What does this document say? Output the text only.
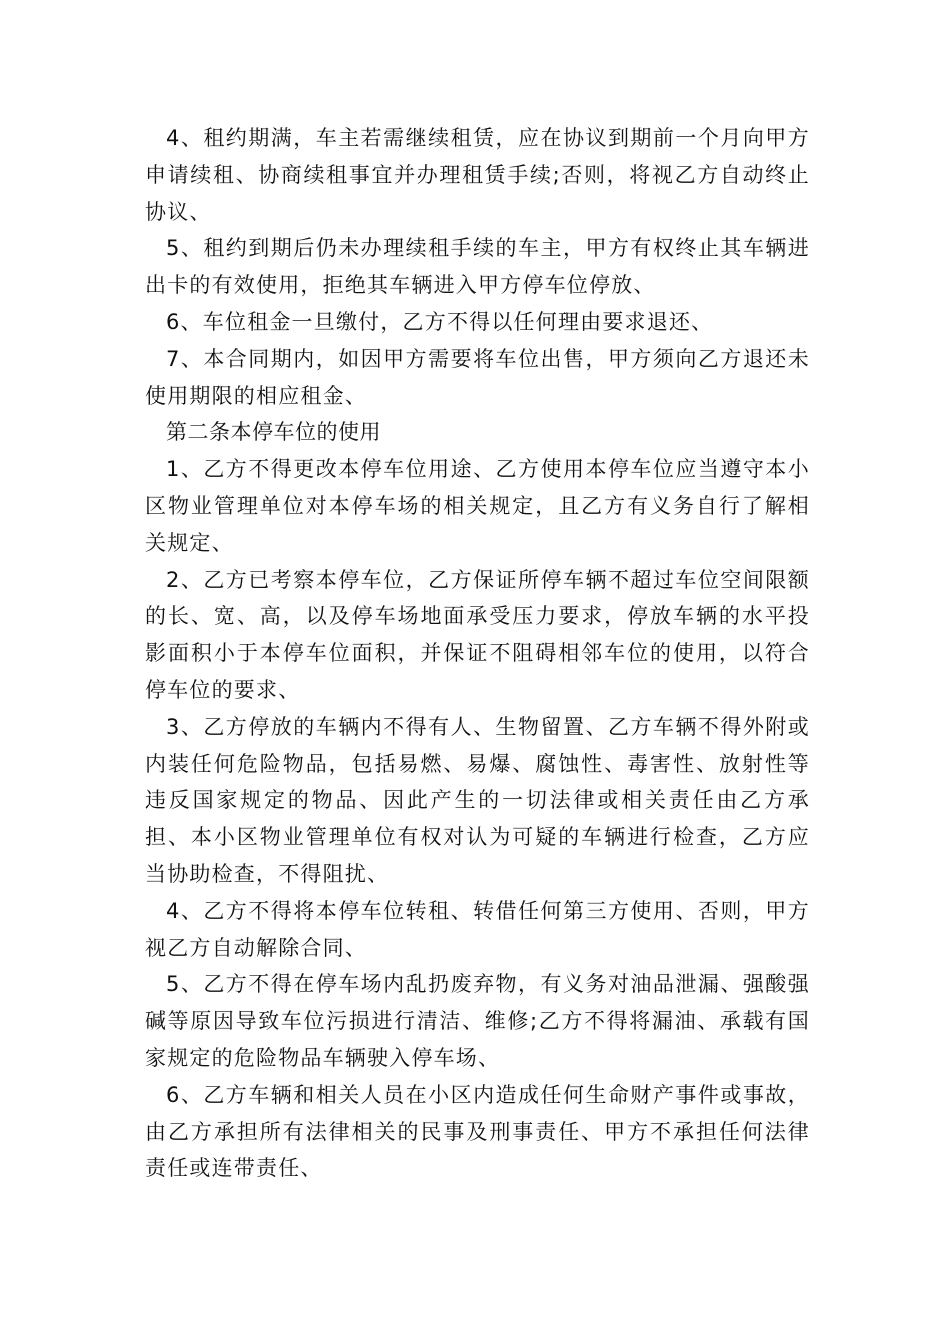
4、租约期满，车主若需继续租赁，应在协议到期前一个月向甲方申请续租、协商续租事宜并办理租赁手续;否则，将视乙方自动终止协议、

5、租约到期后仍未办理续租手续的车主，甲方有权终止其车辆进出卡的有效使用，拒绝其车辆进入甲方停车位停放、

6、车位租金一旦缴付，乙方不得以任何理由要求退还、

7、本合同期内，如因甲方需要将车位出售，甲方须向乙方退还未使用期限的相应租金、

第二条本停车位的使用

1、乙方不得更改本停车位用途、乙方使用本停车位应当遵守本小区物业管理单位对本停车场的相关规定，且乙方有义务自行了解相关规定、

2、乙方已考察本停车位，乙方保证所停车辆不超过车位空间限额的长、宽、高，以及停车场地面承受压力要求，停放车辆的水平投影面积小于本停车位面积，并保证不阻碍相邻车位的使用，以符合停车位的要求、

3、乙方停放的车辆内不得有人、生物留置、乙方车辆不得外附或内装任何危险物品，包括易燃、易爆、腐蚀性、毒害性、放射性等违反国家规定的物品、因此产生的一切法律或相关责任由乙方承担、本小区物业管理单位有权对认为可疑的车辆进行检查，乙方应当协助检查，不得阻扰、

4、乙方不得将本停车位转租、转借任何第三方使用、否则，甲方视乙方自动解除合同、

5、乙方不得在停车场内乱扔废弃物，有义务对油品泄漏、强酸强碱等原因导致车位污损进行清洁、维修;乙方不得将漏油、承载有国家规定的危险物品车辆驶入停车场、

6、乙方车辆和相关人员在小区内造成任何生命财产事件或事故，由乙方承担所有法律相关的民事及刑事责任、甲方不承担任何法律责任或连带责任、
